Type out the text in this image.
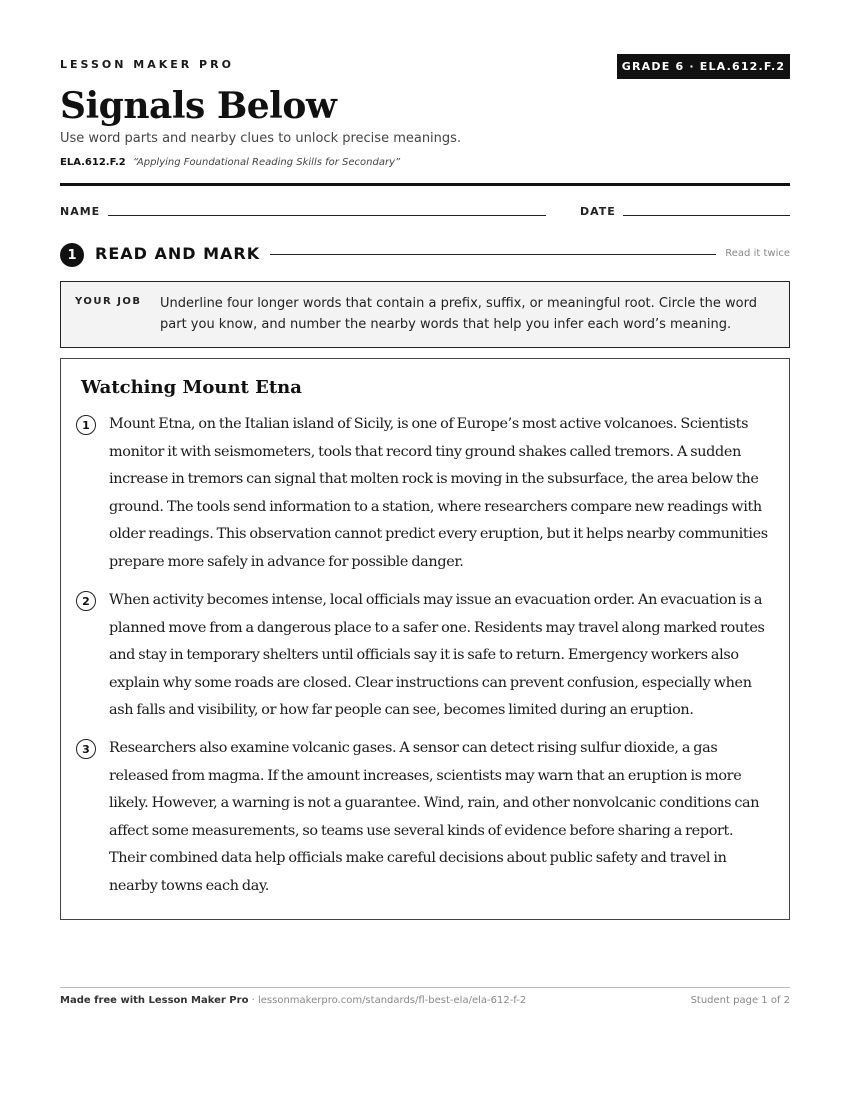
LESSON MAKER PRO	GRADE 6 · ELA.612.F.2
Signals Below
Use word parts and nearby clues to unlock precise meanings.
ELA.612.F.2 “Applying Foundational Reading Skills for Secondary”
NAME	DATE
1	READ AND MARK	Read it twice
YOUR JOB Underline four longer words that contain a prefix, suffix, or meaningful root. Circle the word part you know, and number the nearby words that help you infer each word’s meaning.
Watching Mount Etna
1	Mount Etna, on the Italian island of Sicily, is one of Europe’s most active volcanoes. Scientists monitor it with seismometers, tools that record tiny ground shakes called tremors. A sudden increase in tremors can signal that molten rock is moving in the subsurface, the area below the ground. The tools send information to a station, where researchers compare new readings with older readings. This observation cannot predict every eruption, but it helps nearby communities prepare more safely in advance for possible danger.
2	When activity becomes intense, local officials may issue an evacuation order. An evacuation is a planned move from a dangerous place to a safer one. Residents may travel along marked routes and stay in temporary shelters until officials say it is safe to return. Emergency workers also explain why some roads are closed. Clear instructions can prevent confusion, especially when ash falls and visibility, or how far people can see, becomes limited during an eruption.
3	Researchers also examine volcanic gases. A sensor can detect rising sulfur dioxide, a gas released from magma. If the amount increases, scientists may warn that an eruption is more likely. However, a warning is not a guarantee. Wind, rain, and other nonvolcanic conditions can affect some measurements, so teams use several kinds of evidence before sharing a report. Their combined data help officials make careful decisions about public safety and travel in nearby towns each day.
Made free with Lesson Maker Pro · lessonmakerpro.com/standards/fl-best-ela/ela-612-f-2	Student page 1 of 2
